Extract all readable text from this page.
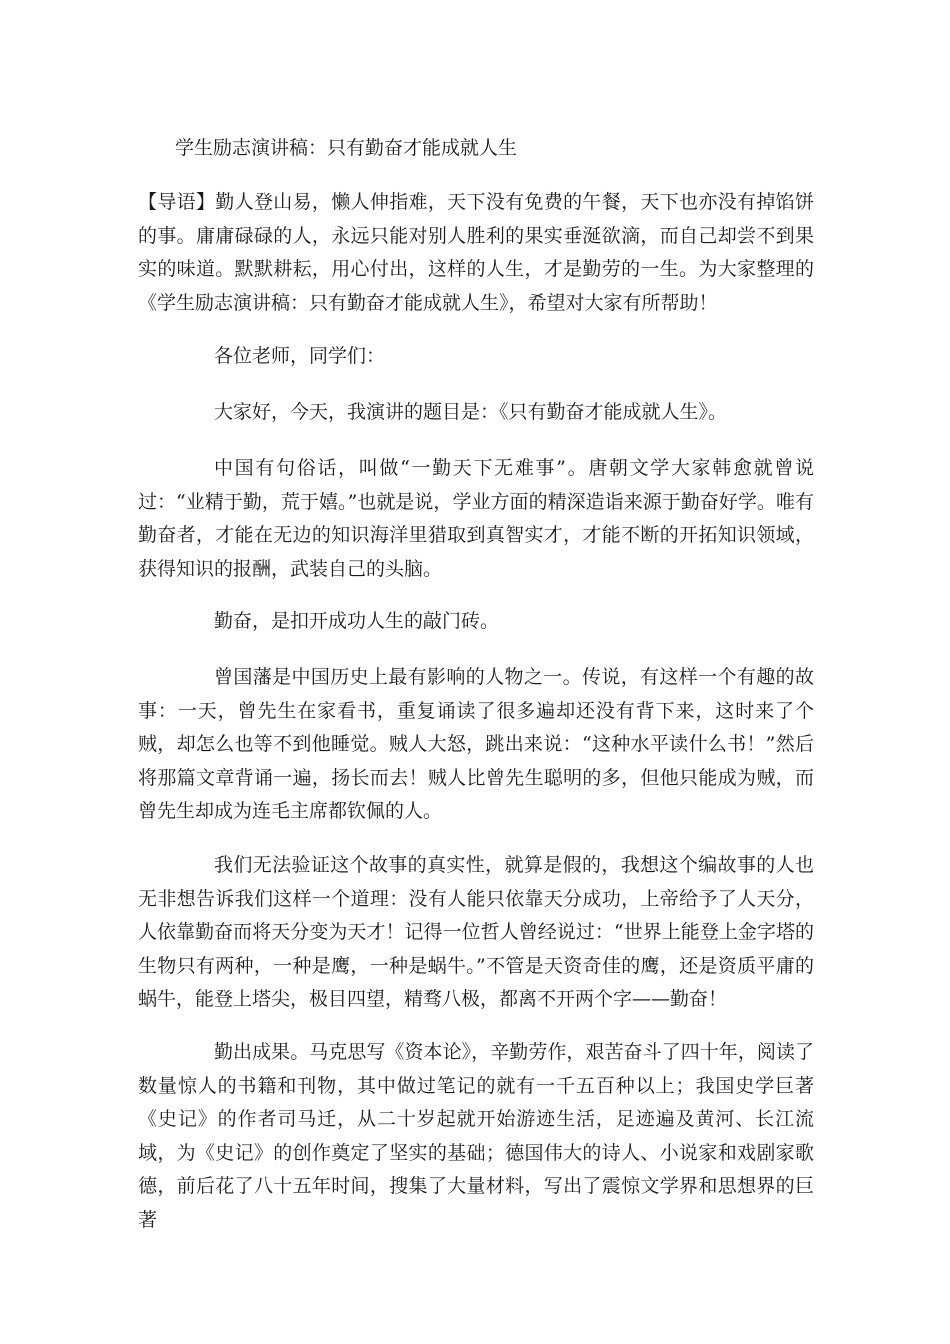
学生励志演讲稿：只有勤奋才能成就人生

【导语】勤人登山易，懒人伸指难，天下没有免费的午餐，天下也亦没有掉馅饼的事。庸庸碌碌的人，永远只能对别人胜利的果实垂涎欲滴，而自己却尝不到果实的味道。默默耕耘，用心付出，这样的人生，才是勤劳的一生。为大家整理的《学生励志演讲稿：只有勤奋才能成就人生》，希望对大家有所帮助！

各位老师，同学们：

大家好，今天，我演讲的题目是：《只有勤奋才能成就人生》。

中国有句俗话，叫做“一勤天下无难事”。唐朝文学大家韩愈就曾说过：“业精于勤，荒于嬉。”也就是说，学业方面的精深造诣来源于勤奋好学。唯有勤奋者，才能在无边的知识海洋里猎取到真智实才，才能不断的开拓知识领域，获得知识的报酬，武装自己的头脑。

勤奋，是扣开成功人生的敲门砖。

曾国藩是中国历史上最有影响的人物之一。传说，有这样一个有趣的故事：一天，曾先生在家看书，重复诵读了很多遍却还没有背下来，这时来了个贼，却怎么也等不到他睡觉。贼人大怒，跳出来说：“这种水平读什么书！”然后将那篇文章背诵一遍，扬长而去！贼人比曾先生聪明的多，但他只能成为贼，而曾先生却成为连毛主席都钦佩的人。

我们无法验证这个故事的真实性，就算是假的，我想这个编故事的人也无非想告诉我们这样一个道理：没有人能只依靠天分成功，上帝给予了人天分，人依靠勤奋而将天分变为天才！记得一位哲人曾经说过：“世界上能登上金字塔的生物只有两种，一种是鹰，一种是蜗牛。”不管是天资奇佳的鹰，还是资质平庸的蜗牛，能登上塔尖，极目四望，精骛八极，都离不开两个字——勤奋！

勤出成果。马克思写《资本论》，辛勤劳作，艰苦奋斗了四十年，阅读了数量惊人的书籍和刊物，其中做过笔记的就有一千五百种以上；我国史学巨著《史记》的作者司马迁，从二十岁起就开始游迹生活，足迹遍及黄河、长江流域，为《史记》的创作奠定了坚实的基础；德国伟大的诗人、小说家和戏剧家歌德，前后花了八十五年时间，搜集了大量材料，写出了震惊文学界和思想界的巨著
